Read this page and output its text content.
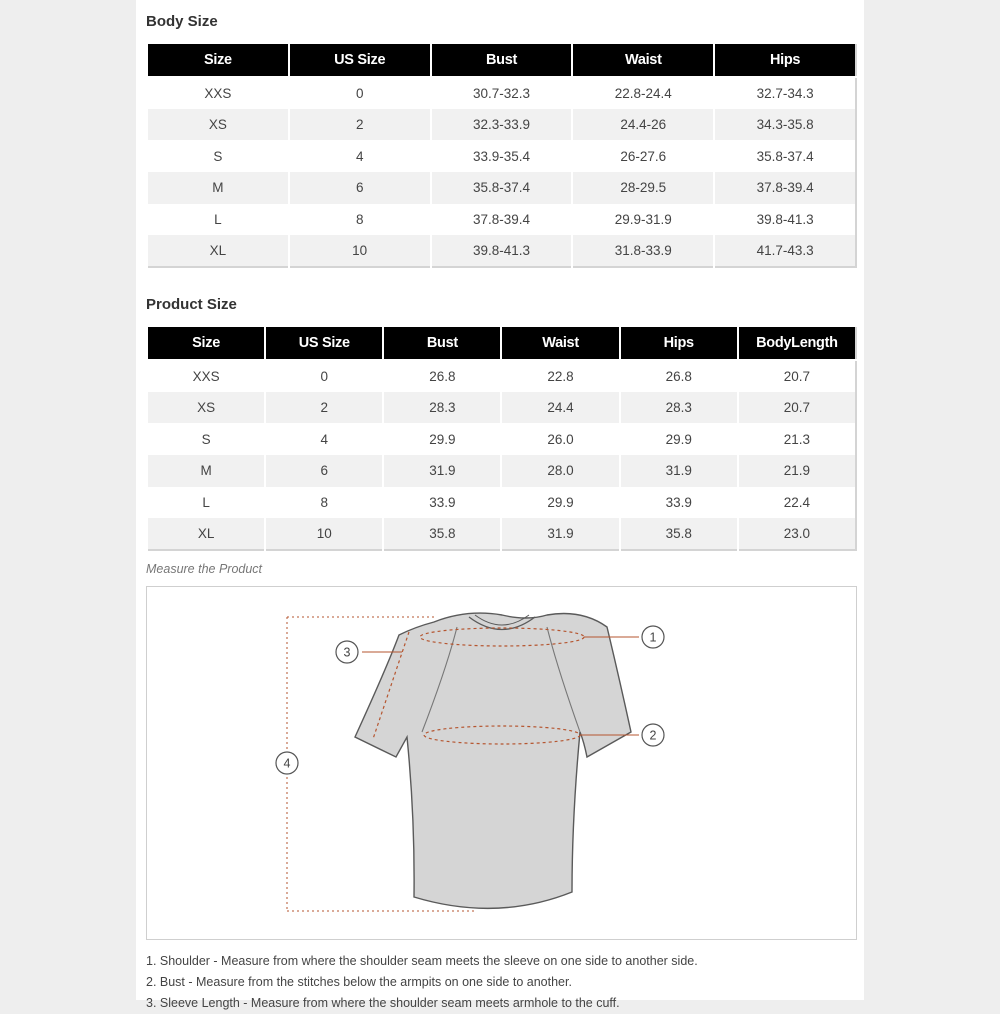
Body Size
Size	US Size	Bust	Waist	Hips
XXS	0	30.7-32.3	22.8-24.4	32.7-34.3
XS	2	32.3-33.9	24.4-26	34.3-35.8
S	4	33.9-35.4	26-27.6	35.8-37.4
M	6	35.8-37.4	28-29.5	37.8-39.4
L	8	37.8-39.4	29.9-31.9	39.8-41.3
XL	10	39.8-41.3	31.8-33.9	41.7-43.3
Product Size
Size	US Size	Bust	Waist	Hips	BodyLength
XXS	0	26.8	22.8	26.8	20.7
XS	2	28.3	24.4	28.3	20.7
S	4	29.9	26.0	29.9	21.3
M	6	31.9	28.0	31.9	21.9
L	8	33.9	29.9	33.9	22.4
XL	10	35.8	31.9	35.8	23.0
Measure the Product
1
2
3
4
1. Shoulder - Measure from where the shoulder seam meets the sleeve on one side to another side.
2. Bust - Measure from the stitches below the armpits on one side to another.
3. Sleeve Length - Measure from where the shoulder seam meets armhole to the cuff.
